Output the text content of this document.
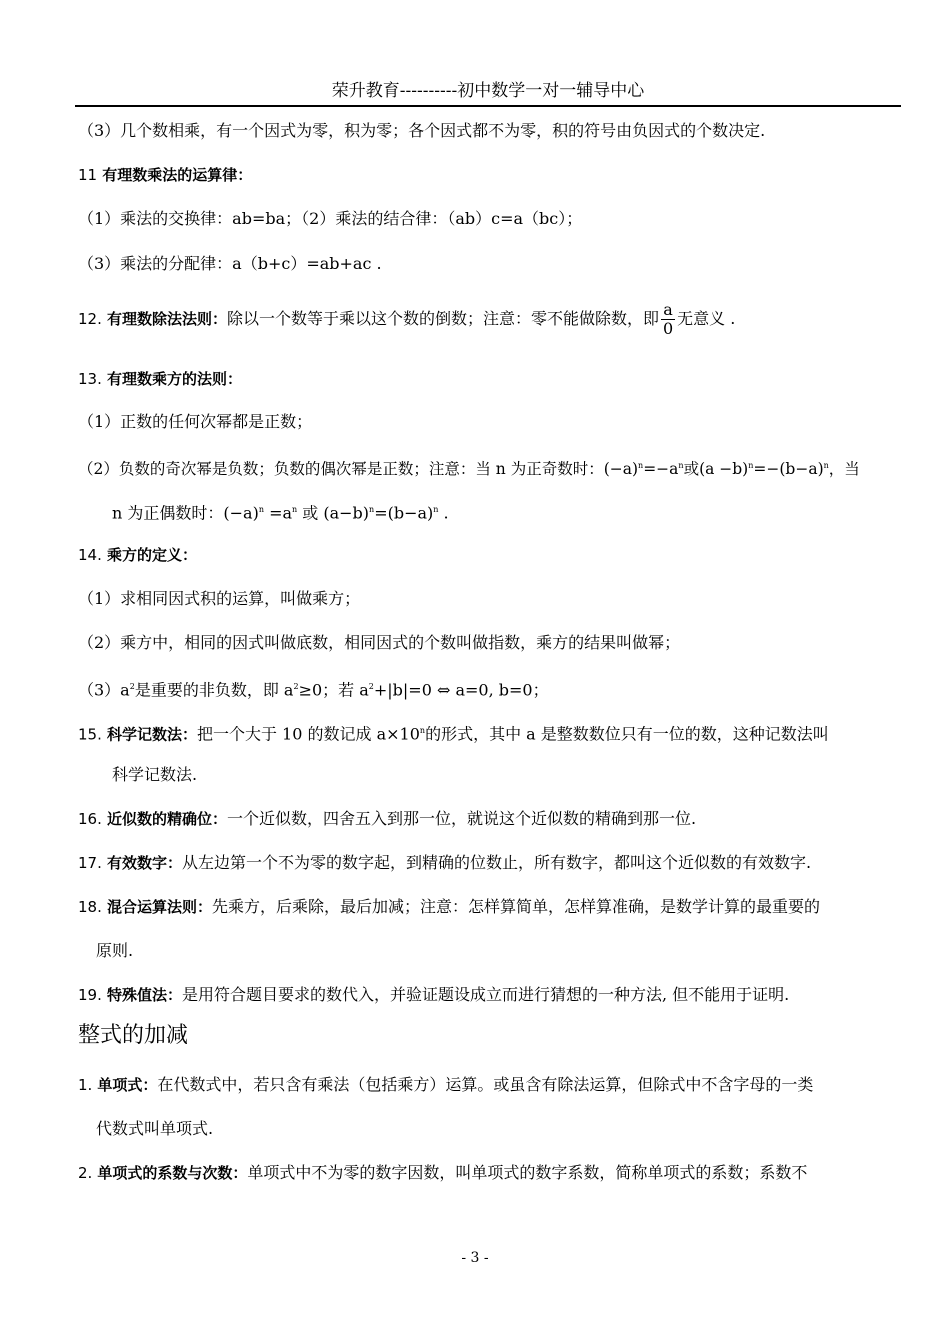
荣升教育----------初中数学一对一辅导中心
（3）几个数相乘，有一个因式为零，积为零；各个因式都不为零，积的符号由负因式的个数决定.
11 有理数乘法的运算律：
（1）乘法的交换律：ab=ba；（2）乘法的结合律：（ab）c=a（bc）；
（3）乘法的分配律：a（b+c）=ab+ac .
12. 有理数除法法则：除以一个数等于乘以这个数的倒数；注意：零不能做除数，即 $\frac{a}{0}$ 无意义 .
13. 有理数乘方的法则：
（1）正数的任何次幂都是正数；
（2）负数的奇次幂是负数；负数的偶次幂是正数；注意：当 n 为正奇数时：$(-a)^n=-a^n$或$(a -b)^n=-(b-a)^n$，当
n 为正偶数时：$(-a)^n =a^n$ 或 $(a-b)^n=(b-a)^n$ .
14. 乘方的定义：
（1）求相同因式积的运算，叫做乘方；
（2）乘方中，相同的因式叫做底数，相同因式的个数叫做指数，乘方的结果叫做幂；
$(3)a^2$是重要的非负数，即 $a^2\ge 0$；若 $a^2+|b|=0$ ⇔ a=0, b=0；
15. 科学记数法：把一个大于 10 的数记成 $a\times 10^n$的形式，其中 a 是整数数位只有一位的数，这种记数法叫
科学记数法.
16. 近似数的精确位：一个近似数，四舍五入到那一位，就说这个近似数的精确到那一位.
17. 有效数字：从左边第一个不为零的数字起，到精确的位数止，所有数字，都叫这个近似数的有效数字.
18. 混合运算法则：先乘方，后乘除，最后加减；注意：怎样算简单，怎样算准确，是数学计算的最重要的
原则.
19. 特殊值法：是用符合题目要求的数代入，并验证题设成立而进行猜想的一种方法, 但不能用于证明.
整式的加减
1. 单项式：在代数式中，若只含有乘法（包括乘方）运算。或虽含有除法运算，但除式中不含字母的一类
代数式叫单项式.
2. 单项式的系数与次数：单项式中不为零的数字因数，叫单项式的数字系数，简称单项式的系数；系数不
- 3 -
